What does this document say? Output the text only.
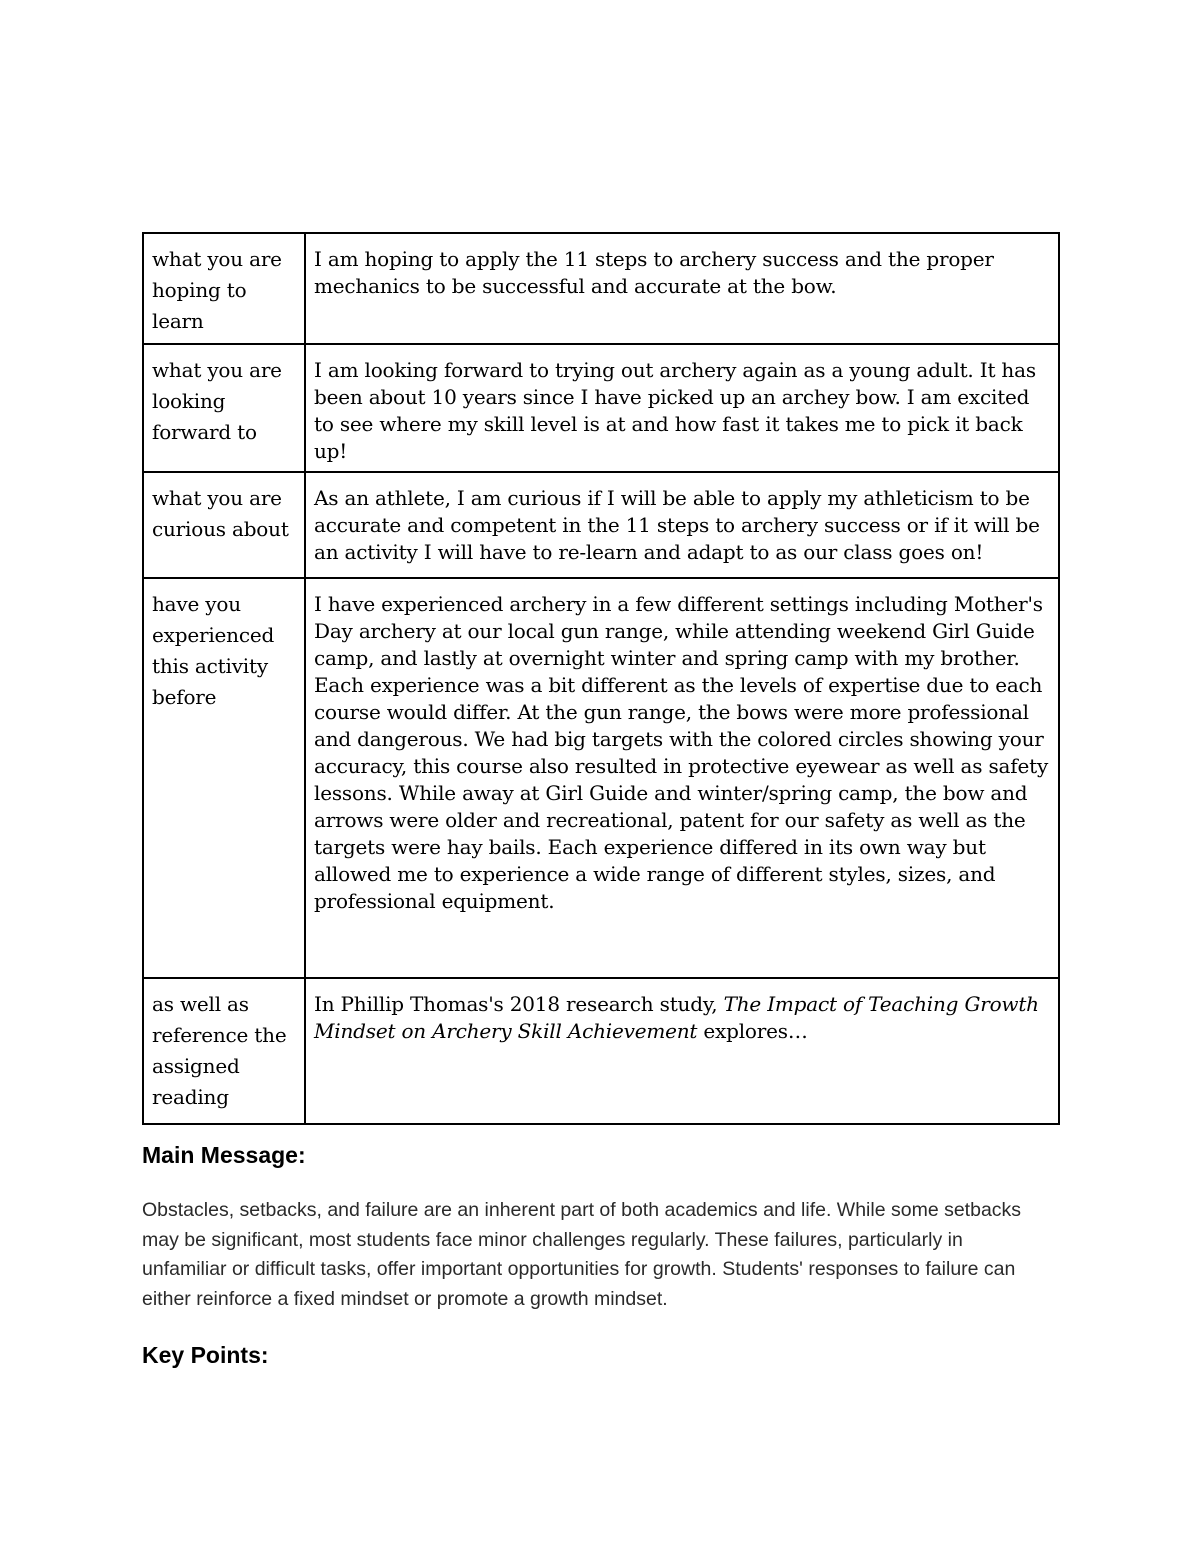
what you are hoping to learn	I am hoping to apply the 11 steps to archery success and the proper mechanics to be successful and accurate at the bow.
what you are looking forward to	I am looking forward to trying out archery again as a young adult. It has been about 10 years since I have picked up an archey bow. I am excited to see where my skill level is at and how fast it takes me to pick it back up!
what you are curious about	As an athlete, I am curious if I will be able to apply my athleticism to be accurate and competent in the 11 steps to archery success or if it will be an activity I will have to re-learn and adapt to as our class goes on!
have you experienced this activity before	I have experienced archery in a few different settings including Mother's Day archery at our local gun range, while attending weekend Girl Guide camp, and lastly at overnight winter and spring camp with my brother. Each experience was a bit different as the levels of expertise due to each course would differ. At the gun range, the bows were more professional and dangerous. We had big targets with the colored circles showing your accuracy, this course also resulted in protective eyewear as well as safety lessons. While away at Girl Guide and winter/spring camp, the bow and arrows were older and recreational, patent for our safety as well as the targets were hay bails. Each experience differed in its own way but allowed me to experience a wide range of different styles, sizes, and professional equipment.
as well as reference the assigned reading	In Phillip Thomas's 2018 research study, The Impact of Teaching Growth Mindset on Archery Skill Achievement explores…
Main Message:

Obstacles, setbacks, and failure are an inherent part of both academics and life. While some setbacks may be significant, most students face minor challenges regularly. These failures, particularly in unfamiliar or difficult tasks, offer important opportunities for growth. Students' responses to failure can either reinforce a fixed mindset or promote a growth mindset.

Key Points:
